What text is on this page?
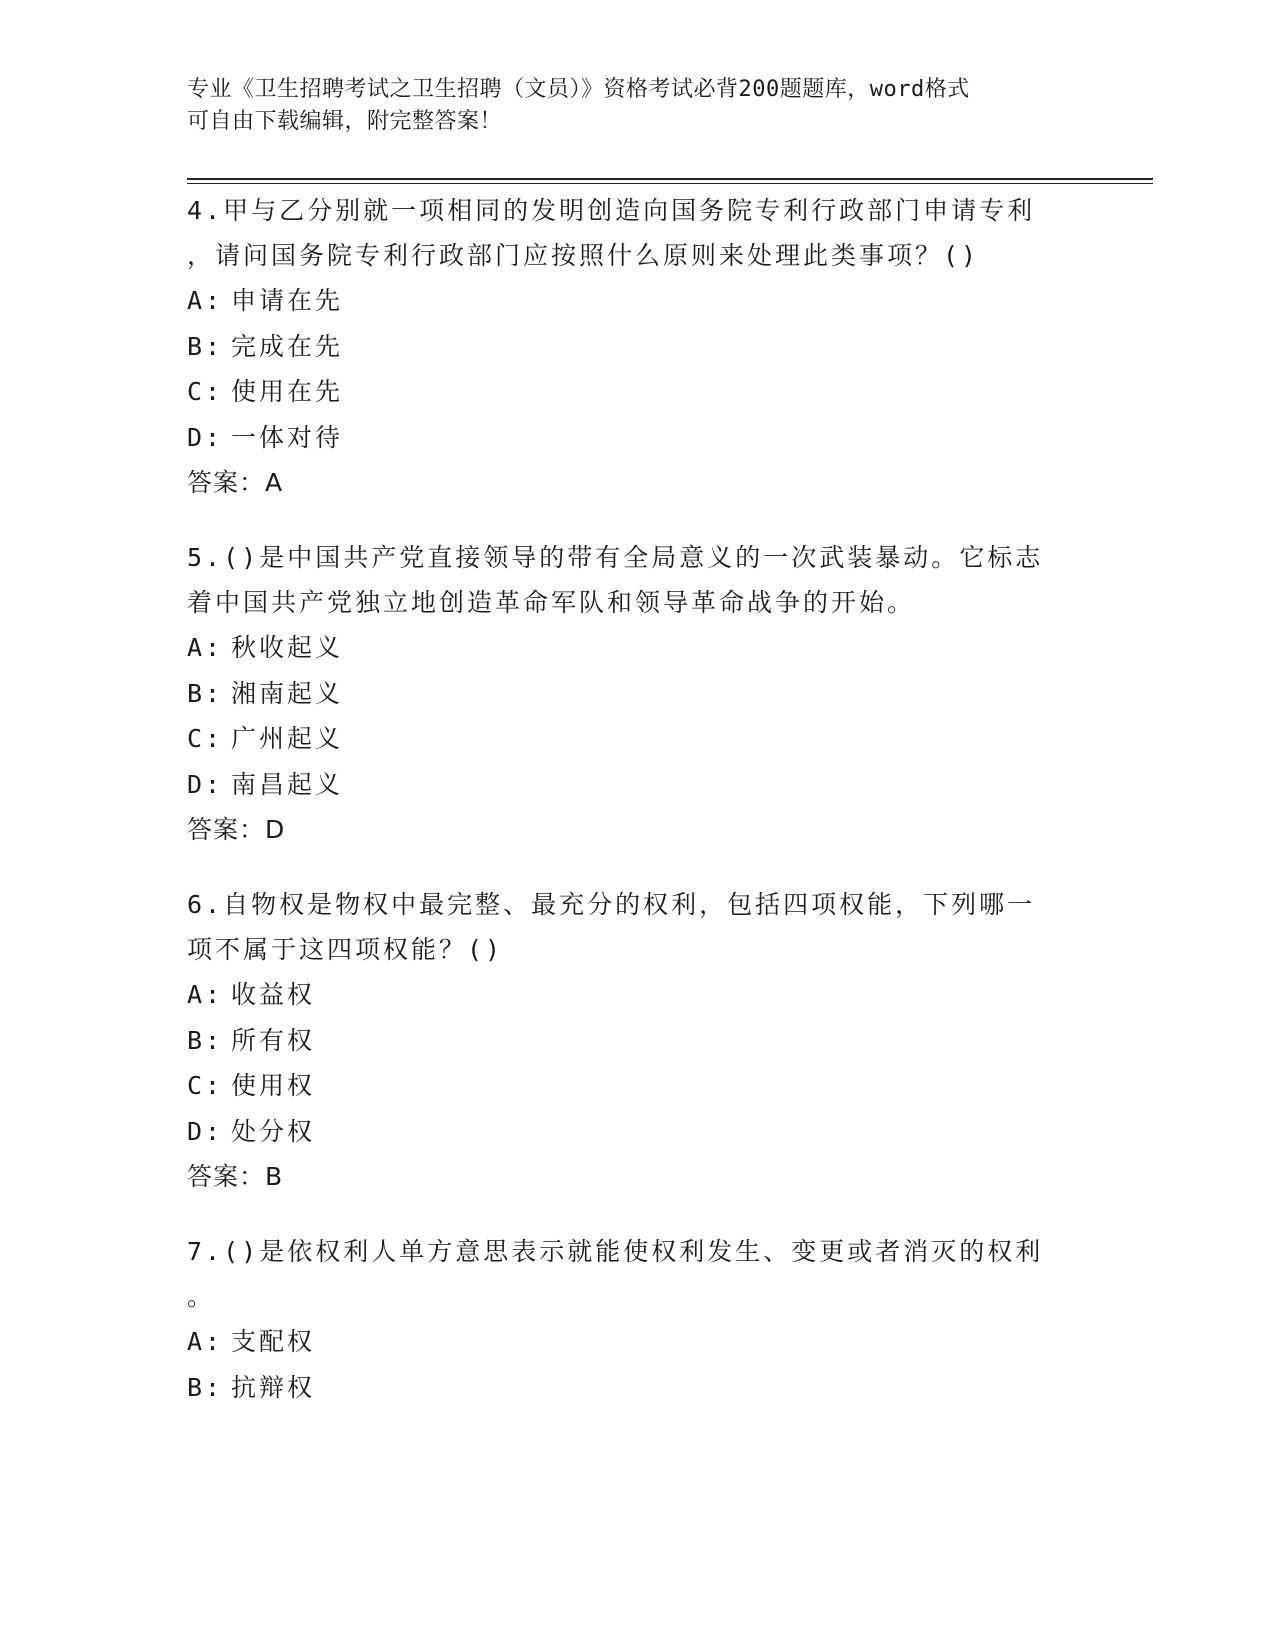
专业《卫生招聘考试之卫生招聘（文员）》资格考试必背200题题库，word格式
可自由下载编辑，附完整答案！

4.甲与乙分别就一项相同的发明创造向国务院专利行政部门申请专利
，请问国务院专利行政部门应按照什么原则来处理此类事项？()

A: 申请在先

B: 完成在先

C: 使用在先

D: 一体对待

答案：A

5.()是中国共产党直接领导的带有全局意义的一次武装暴动。它标志
着中国共产党独立地创造革命军队和领导革命战争的开始。

A: 秋收起义

B: 湘南起义

C: 广州起义

D: 南昌起义

答案：D

6.自物权是物权中最完整、最充分的权利，包括四项权能，下列哪一
项不属于这四项权能？()

A: 收益权

B: 所有权

C: 使用权

D: 处分权

答案：B

7.()是依权利人单方意思表示就能使权利发生、变更或者消灭的权利
。

A: 支配权

B: 抗辩权
